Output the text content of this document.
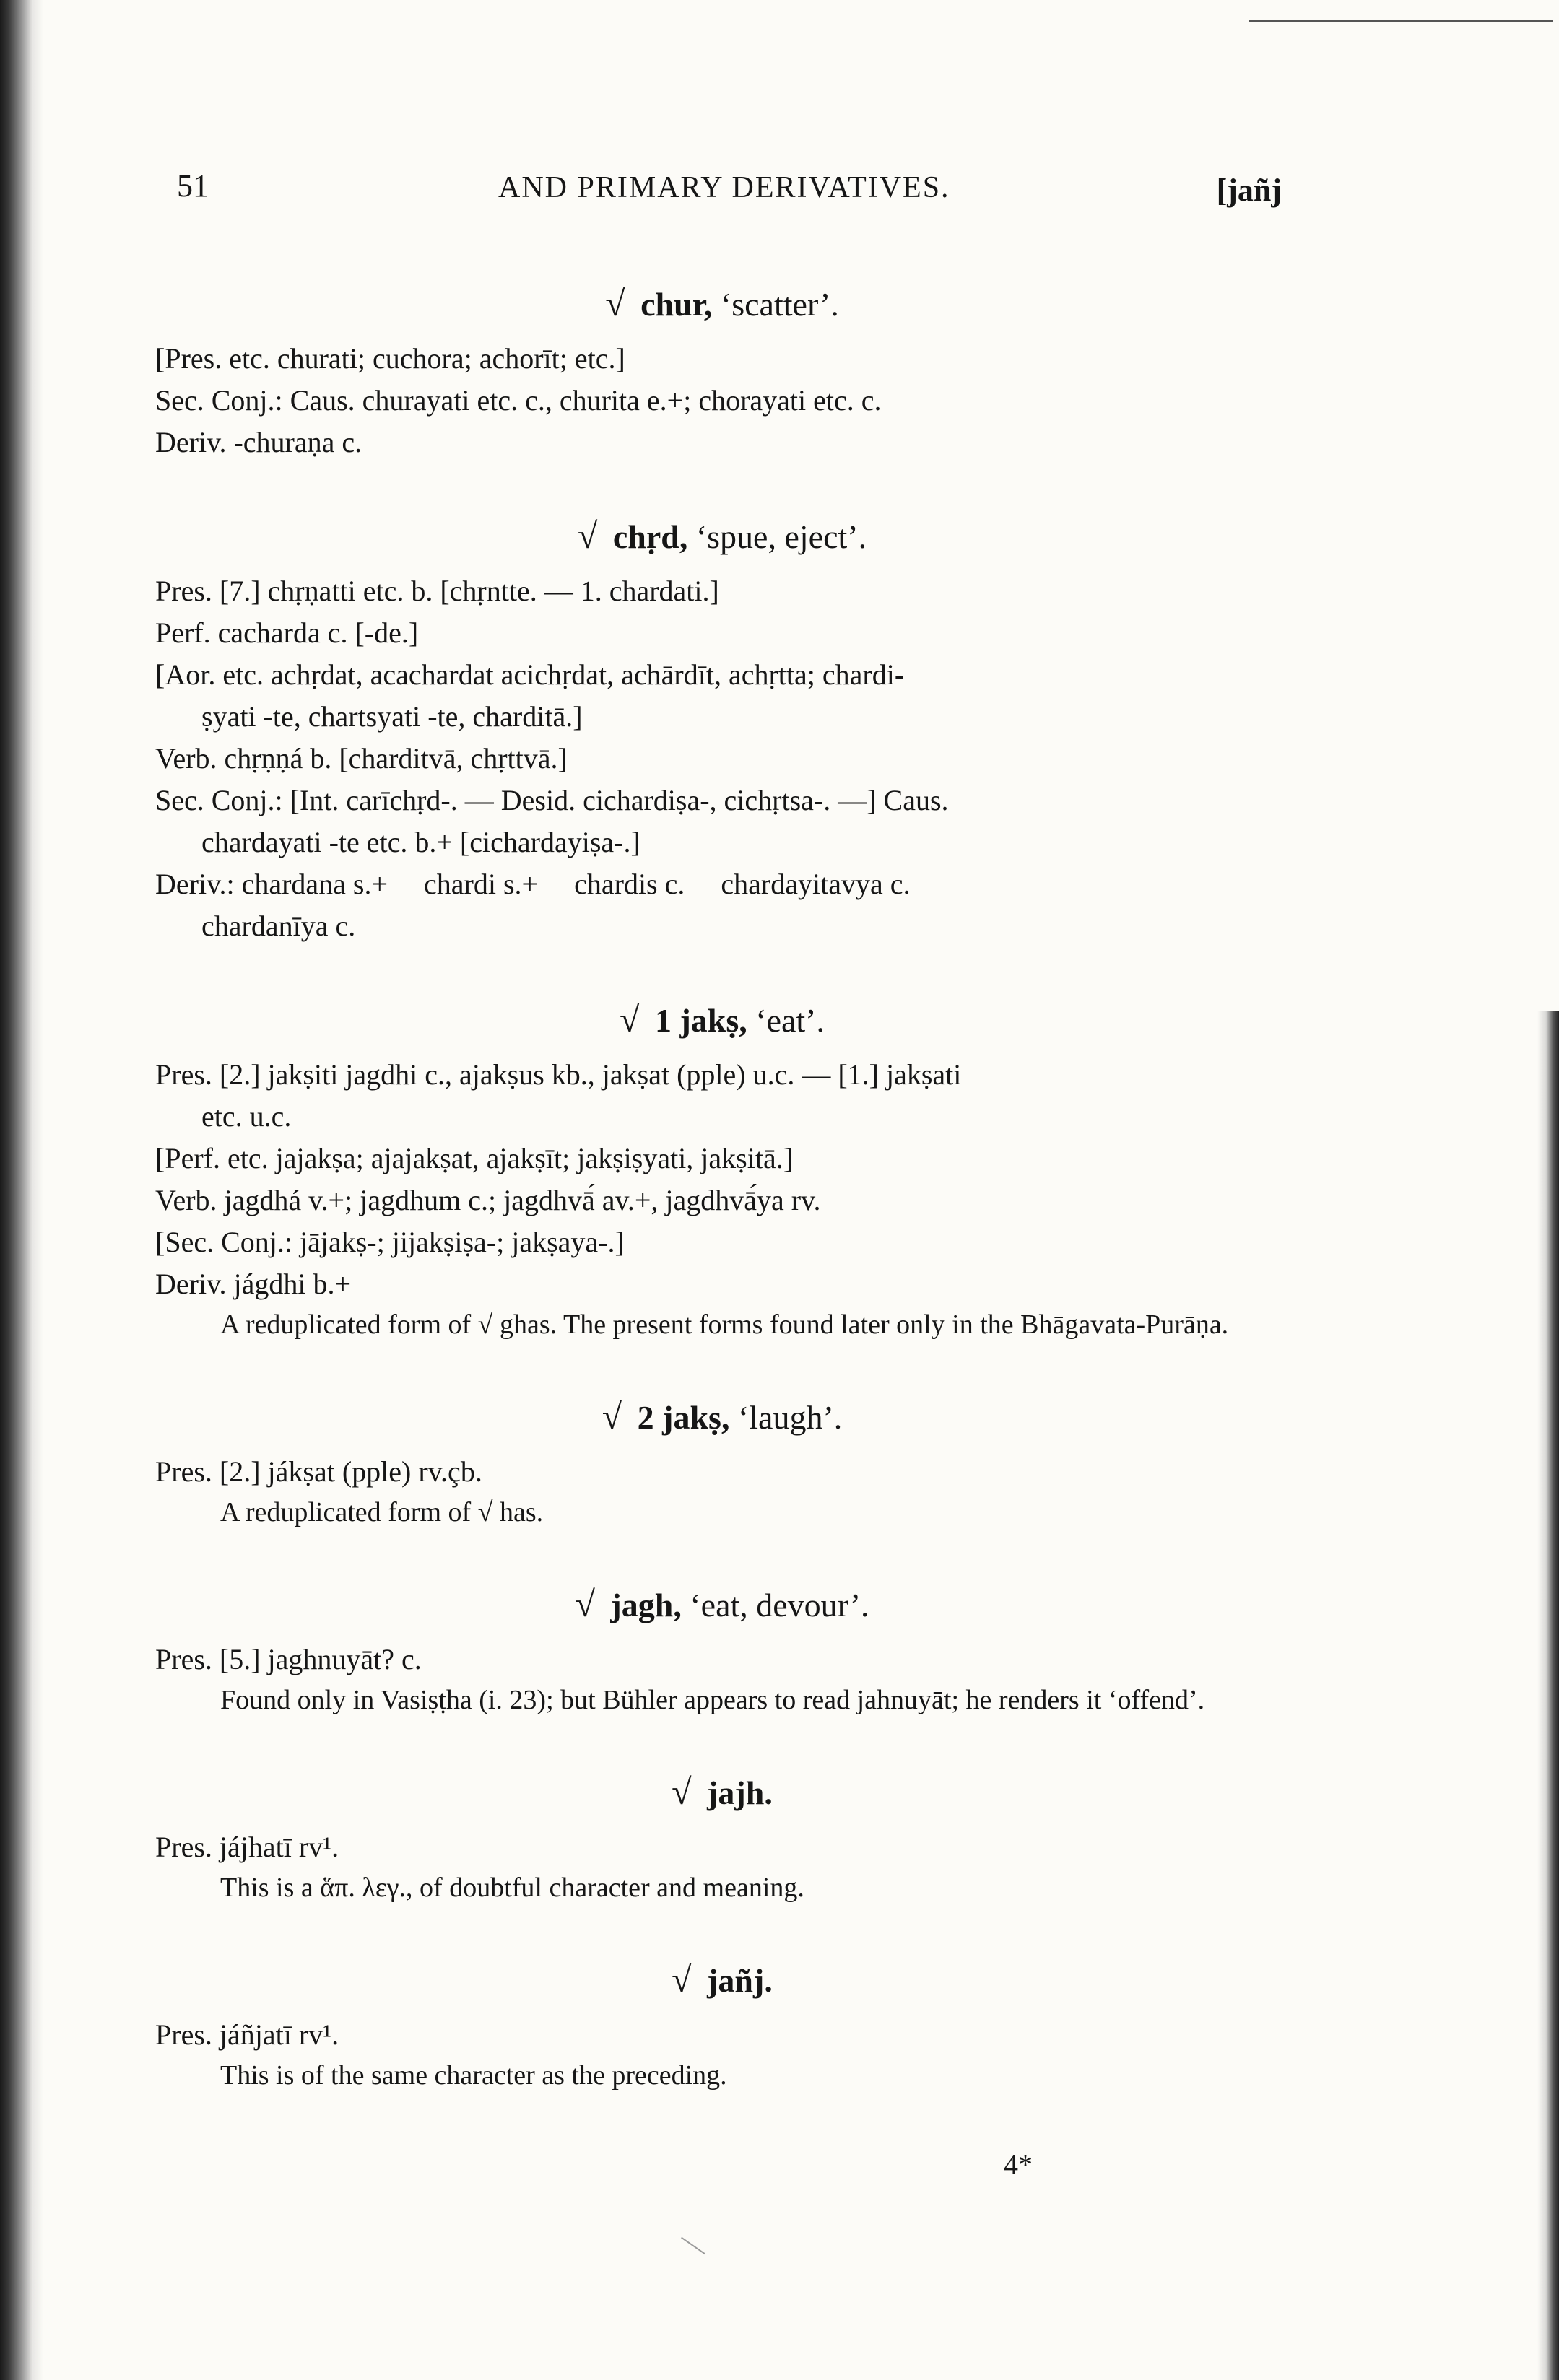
51	AND PRIMARY DERIVATIVES.	[jañj
√ chur, ‘scatter’.
[Pres. etc. churati; cuchora; achorīt; etc.]
Sec. Conj.: Caus. churayati etc. c., churita e.+; chorayati etc. c.
Deriv. -churaṇa c.
√ chṛd, ‘spue, eject’.
Pres. [7.] chṛṇatti etc. b. [chṛntte. — 1. chardati.]
Perf. cacharda c. [-de.]
[Aor. etc. achṛdat, acachardat acichṛdat, achārdīt, achṛtta; chardi-
ṣyati -te, chartsyati -te, charditā.]
Verb. chṛṇṇá b. [charditvā, chṛttvā.]
Sec. Conj.: [Int. carīchṛd-. — Desid. cichardiṣa-, cichṛtsa-. —] Caus.
chardayati -te etc. b.+ [cichardayiṣa-.]
Deriv.: chardana s.+     chardi s.+     chardis c.     chardayitavya c.
chardanīya c.
√ 1 jakṣ, ‘eat’.
Pres. [2.] jakṣiti jagdhi c., ajakṣus kb., jakṣat (pple) u.c. — [1.] jakṣati
etc. u.c.
[Perf. etc. jajakṣa; ajajakṣat, ajakṣīt; jakṣiṣyati, jakṣitā.]
Verb. jagdhá v.+; jagdhum c.; jagdhvā́ av.+, jagdhvā́ya rv.
[Sec. Conj.: jājakṣ-; jijakṣiṣa-; jakṣaya-.]
Deriv. jágdhi b.+
A reduplicated form of √ ghas. The present forms found later only in the Bhāgavata-Purāṇa.
√ 2 jakṣ, ‘laugh’.
Pres. [2.] jákṣat (pple) rv.çb.
A reduplicated form of √ has.
√ jagh, ‘eat, devour’.
Pres. [5.] jaghnuyāt? c.
Found only in Vasiṣṭha (i. 23); but Bühler appears to read jahnuyāt; he renders it ‘offend’.
√ jajh.
Pres. jájhatī rv¹.
This is a ἅπ. λεγ., of doubtful character and meaning.
√ jañj.
Pres. jáñjatī rv¹.
This is of the same character as the preceding.
4*
